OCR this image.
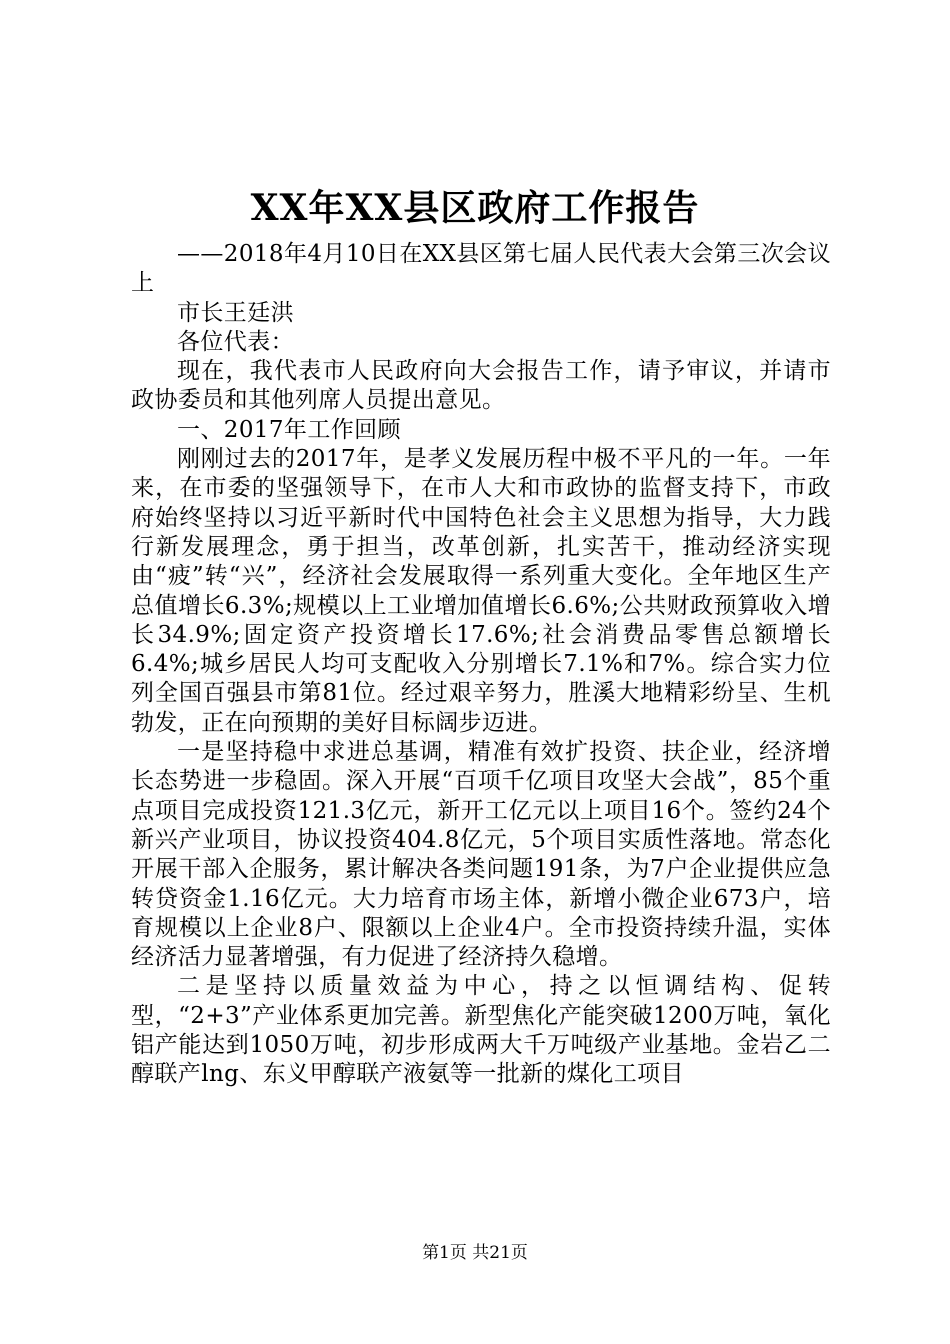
XX年XX县区政府工作报告

——2018年4月10日在XX县区第七届人民代表大会第三次会议上

市长王廷洪

各位代表：

现在，我代表市人民政府向大会报告工作，请予审议，并请市政协委员和其他列席人员提出意见。

一、2017年工作回顾

刚刚过去的2017年，是孝义发展历程中极不平凡的一年。一年来，在市委的坚强领导下，在市人大和市政协的监督支持下，市政府始终坚持以习近平新时代中国特色社会主义思想为指导，大力践行新发展理念，勇于担当，改革创新，扎实苦干，推动经济实现由“疲”转“兴”，经济社会发展取得一系列重大变化。全年地区生产总值增长6.3%;规模以上工业增加值增长6.6%;公共财政预算收入增长34.9%;固定资产投资增长17.6%;社会消费品零售总额增长6.4%;城乡居民人均可支配收入分别增长7.1%和7%。综合实力位列全国百强县市第81位。经过艰辛努力，胜溪大地精彩纷呈、生机勃发，正在向预期的美好目标阔步迈进。

一是坚持稳中求进总基调，精准有效扩投资、扶企业，经济增长态势进一步稳固。深入开展“百项千亿项目攻坚大会战”，85个重点项目完成投资121.3亿元，新开工亿元以上项目16个。签约24个新兴产业项目，协议投资404.8亿元，5个项目实质性落地。常态化开展干部入企服务，累计解决各类问题191条，为7户企业提供应急转贷资金1.16亿元。大力培育市场主体，新增小微企业673户，培育规模以上企业8户、限额以上企业4户。全市投资持续升温，实体经济活力显著增强，有力促进了经济持久稳增。

二是坚持以质量效益为中心，持之以恒调结构、促转型，“2+3”产业体系更加完善。新型焦化产能突破1200万吨，氧化铝产能达到1050万吨，初步形成两大千万吨级产业基地。金岩乙二醇联产lng、东义甲醇联产液氨等一批新的煤化工项目

第1页 共21页
